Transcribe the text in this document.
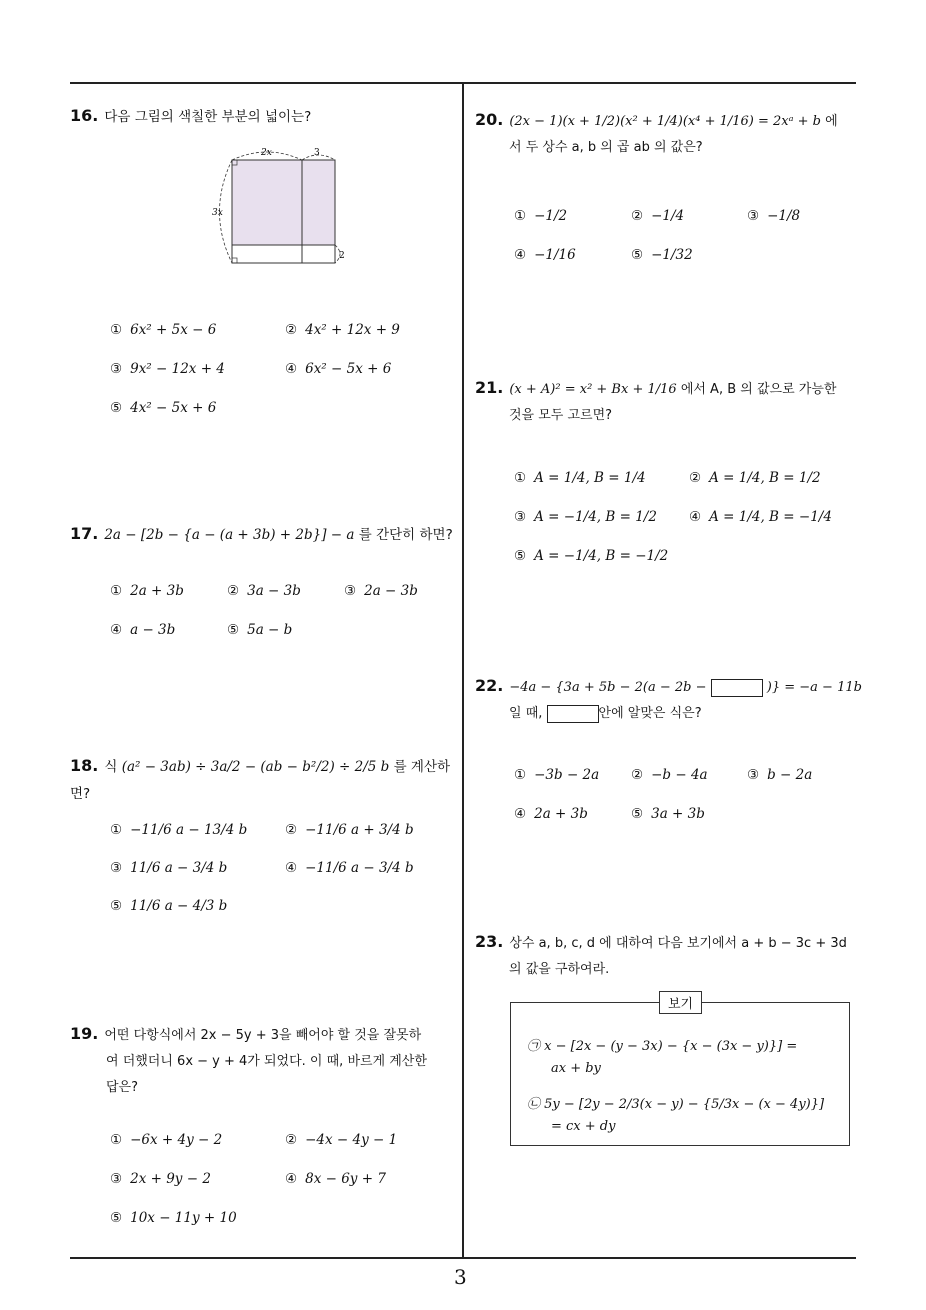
16. 다음 그림의 색칠한 부분의 넓이는?
2x	3
3x
2
① 6x² + 5x − 6	② 4x² + 12x + 9
③ 9x² − 12x + 4	④ 6x² − 5x + 6
⑤ 4x² − 5x + 6
17. 2a − [2b − {a − (a + 3b) + 2b}] − a 를 간단히 하면?
① 2a + 3b	② 3a − 3b	③ 2a − 3b
④ a − 3b	⑤ 5a − b
18. 식 (a² − 3ab) ÷ 3a/2 − (ab − b²/2) ÷ 2/5 b 를 계산하면?
① −11/6 a − 13/4 b	② −11/6 a + 3/4 b
③ 11/6 a − 3/4 b	④ −11/6 a − 3/4 b
⑤ 11/6 a − 4/3 b
19. 어떤 다항식에서 2x − 5y + 3을 빼어야 할 것을 잘못하
여 더했더니 6x − y + 4가 되었다. 이 때, 바르게 계산한
답은?
① −6x + 4y − 2	② −4x − 4y − 1
③ 2x + 9y − 2	④ 8x − 6y + 7
⑤ 10x − 11y + 10
20. (2x − 1)(x + 1/2)(x² + 1/4)(x⁴ + 1/16) = 2xᵃ + b 에
서 두 상수 a, b 의 곱 ab 의 값은?
① −1/2	② −1/4	③ −1/8
④ −1/16	⑤ −1/32
21. (x + A)² = x² + Bx + 1/16 에서 A, B 의 값으로 가능한
것을 모두 고르면?
① A = 1/4, B = 1/4	② A = 1/4, B = 1/2
③ A = −1/4, B = 1/2 ④ A = 1/4, B = −1/4
⑤ A = −1/4, B = −1/2
22. −4a − {3a + 5b − 2(a − 2b −	)} = −a − 11b
일 때,	안에 알맞은 식은?
① −3b − 2a ② −b − 4a	③ b − 2a
④ 2a + 3b	⑤ 3a + 3b
23. 상수 a, b, c, d 에 대하여 다음 보기에서 a + b − 3c + 3d
의 값을 구하여라.
보기
㉠ x − [2x − (y − 3x) − {x − (3x − y)}] =
ax + by
㉡ 5y − [2y − 2/3(x − y) − {5/3x − (x − 4y)}]
= cx + dy
3
